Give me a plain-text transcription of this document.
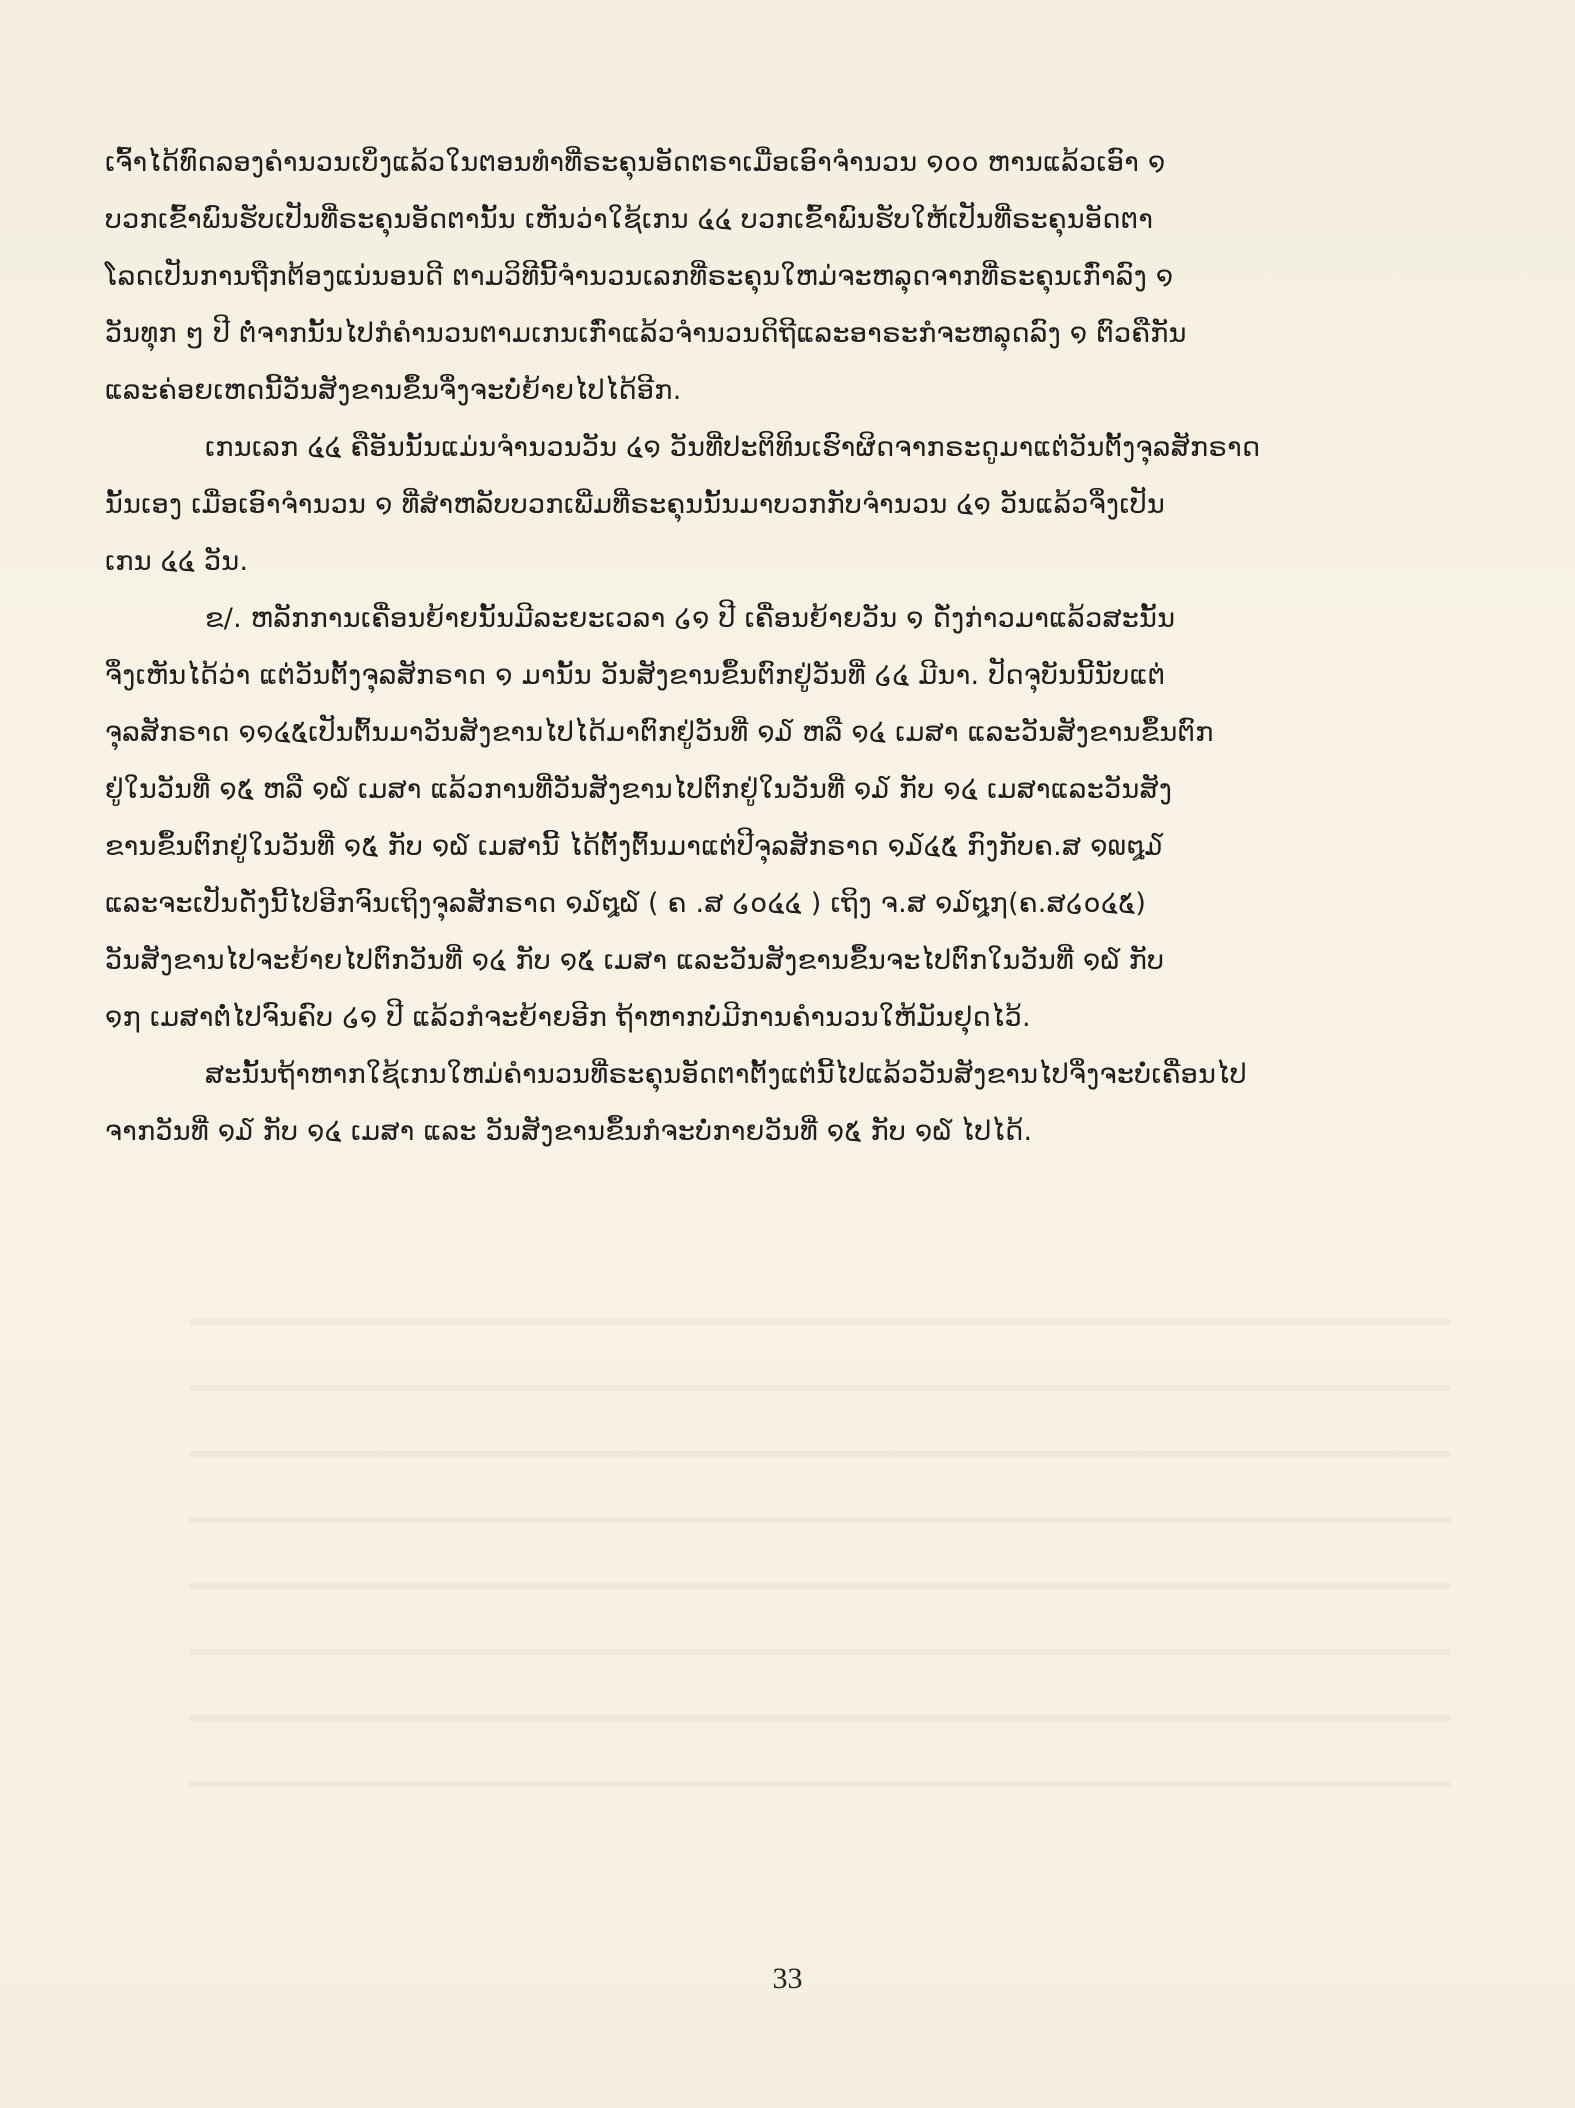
ເຈົ້າໄດ້ທົດລອງຄຳນວນເບິ່ງແລ້ວໃນຕອນທຳທີ່ຣະຄຸນອັດຕຣາເມື່ອເອົາຈຳນວນ ໑໐໐ ຫານແລ້ວເອົາ ໑
ບວກເຂົ້າພົນຮັບເປັນທີ່ຣະຄຸນອັດຕານັ້ນ ເຫັນວ່າໃຊ້ເກນ ໔໔ ບວກເຂົ້າພົນຮັບໃຫ້ເປັນທີ່ຣະຄຸນອັດຕາ
ໂລດເປັນການຖືກຕ້ອງແນ່ນອນດີ ຕາມວິທີນີ້ຈຳນວນເລກທີ່ຣະຄຸນໃຫມ່ຈະຫລຸດຈາກທີ່ຣະຄຸນເກົ່າລົງ ໑
ວັນທຸກ ໆ ປີ ຕໍ່ຈາກນັ້ນໄປກໍຄຳນວນຕາມເກນເກົ່າແລ້ວຈຳນວນດິຖີແລະອາຣະກໍຈະຫລຸດລົງ ໑ ຕົວຄືກັນ
ແລະຄ່ອຍເຫດນີ້ວັນສັງຂານຂຶ້ນຈຶ່ງຈະບໍ່ຍ້າຍໄປໄດ້ອີກ.
ເກນເລກ ໔໔ ຄືອັນນັ້ນແມ່ນຈຳນວນວັນ ໔໑ ວັນທີ່ປະຕິທິນເຮົາຜິດຈາກຣະດູມາແຕ່ວັນຕັ້ງຈຸລສັກຣາດ
ນັ້ນເອງ ເມື່ອເອົາຈຳນວນ ໑ ທີ່ສຳຫລັບບວກເພີ່ມທີ່ຣະຄຸນນັ້ນມາບວກກັບຈຳນວນ ໔໑ ວັນແລ້ວຈຶ່ງເປັນ
ເກນ ໔໔ ວັນ.
ຂ/. ຫລັກການເຄື່ອນຍ້າຍນັ້ນມີລະຍະເວລາ ໒໑ ປີ ເຄື່ອນຍ້າຍວັນ ໑ ດັ່ງກ່າວມາແລ້ວສະນັ້ນ
ຈຶ່ງເຫັນໄດ້ວ່າ ແຕ່ວັນຕັ້ງຈຸລສັກຣາດ ໑ ມານັ້ນ ວັນສັງຂານຂຶ້ນຕົກຢູ່ວັນທີ່ ໒໔ ມີນາ. ປັດຈຸບັນນີ້ນັບແຕ່
ຈຸລສັກຣາດ ໑໑໔໕ເປັນຕົ້ນມາວັນສັງຂານໄປໄດ້ມາຕົກຢູ່ວັນທີ່ ໑໓ ຫລື ໑໔ ເມສາ ແລະວັນສັງຂານຂຶ້ນຕົກ
ຢູ່ໃນວັນທີ່ ໑໕ ຫລື ໑໖ ເມສາ ແລ້ວການທີ່ວັນສັງຂານໄປຕົກຢູ່ໃນວັນທີ່ ໑໓ ກັບ ໑໔ ເມສາແລະວັນສັງ
ຂານຂຶ້ນຕົກຢູ່ໃນວັນທີ່ ໑໕ ກັບ ໑໖ ເມສານີ້ ໄດ້ຕັ້ງຕົ້ນມາແຕ່ປີຈຸລສັກຣາດ ໑໓໔໕ ກົງກັບຄ.ສ ໑໙໘໓
ແລະຈະເປັນດັ່ງນີ້ໄປອີກຈົນເຖິງຈຸລສັກຣາດ ໑໓໘໖ ( ຄ .ສ ໒໐໔໔ ) ເຖິງ ຈ.ສ ໑໓໘໗(ຄ.ສ໒໐໔໕)
ວັນສັງຂານໄປຈະຍ້າຍໄປຕົກວັນທີ່ ໑໔ ກັບ ໑໕ ເມສາ ແລະວັນສັງຂານຂຶ້ນຈະໄປຕົກໃນວັນທີ່ ໑໖ ກັບ
໑໗ ເມສາຕໍ່ໄປຈົນຄົບ ໒໑ ປີ ແລ້ວກໍຈະຍ້າຍອີກ ຖ້າຫາກບໍ່ມີການຄຳນວນໃຫ້ມັນຢຸດໄວ້.
ສະນັ້ນຖ້າຫາກໃຊ້ເກນໃຫມ່ຄຳນວນທີ່ຣະຄຸນອັດຕາຕັ້ງແຕ່ນີ້ໄປແລ້ວວັນສັງຂານໄປຈຶ່ງຈະບໍ່ເຄື່ອນໄປ
ຈາກວັນທີ່ ໑໓ ກັບ ໑໔ ເມສາ ແລະ ວັນສັງຂານຂຶ້ນກໍຈະບໍ່ກາຍວັນທີ່ ໑໕ ກັບ ໑໖ ໄປໄດ້.
33
